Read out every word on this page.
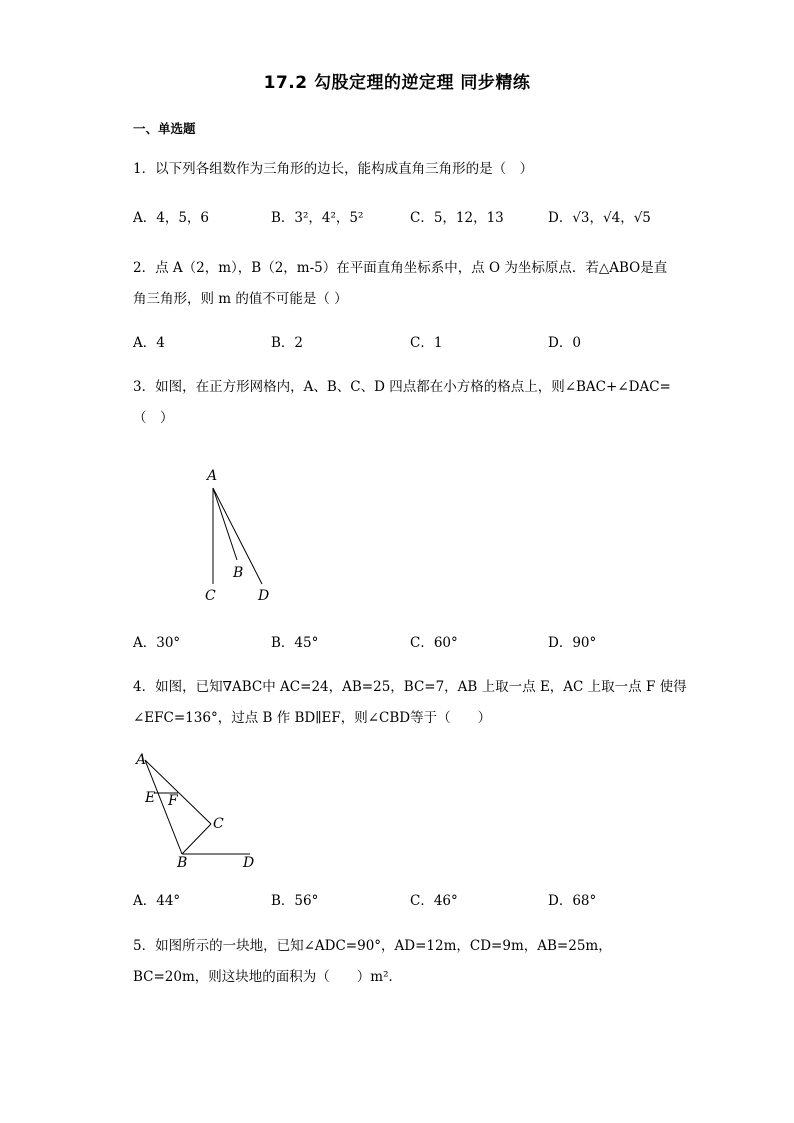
17.2 勾股定理的逆定理 同步精练
一、单选题
1．以下列各组数作为三角形的边长，能构成直角三角形的是（　）
A．4，5，6	B．3²，4²，5²	C．5，12，13	D．√3，√4，√5
2．点 A（2，m），B（2，m-5）在平面直角坐标系中，点 O 为坐标原点．若△ABO是直
角三角形，则 m 的值不可能是（ ）
A．4	B．2	C．1	D．0
3．如图，在正方形网格内，A、B、C、D 四点都在小方格的格点上，则∠BAC+∠DAC=
（　）
A
B
C	D
A．30°	B．45°	C．60°	D．90°
4．如图，已知∇ABC中 AC=24，AB=25，BC=7，AB 上取一点 E，AC 上取一点 F 使得
∠EFC=136°，过点 B 作 BD∥EF，则∠CBD等于（　　）
A
E F
C
B	D
A．44°	B．56°	C．46°	D．68°
5．如图所示的一块地，已知∠ADC=90°，AD=12m，CD=9m，AB=25m，
BC=20m，则这块地的面积为（　　）m²．
